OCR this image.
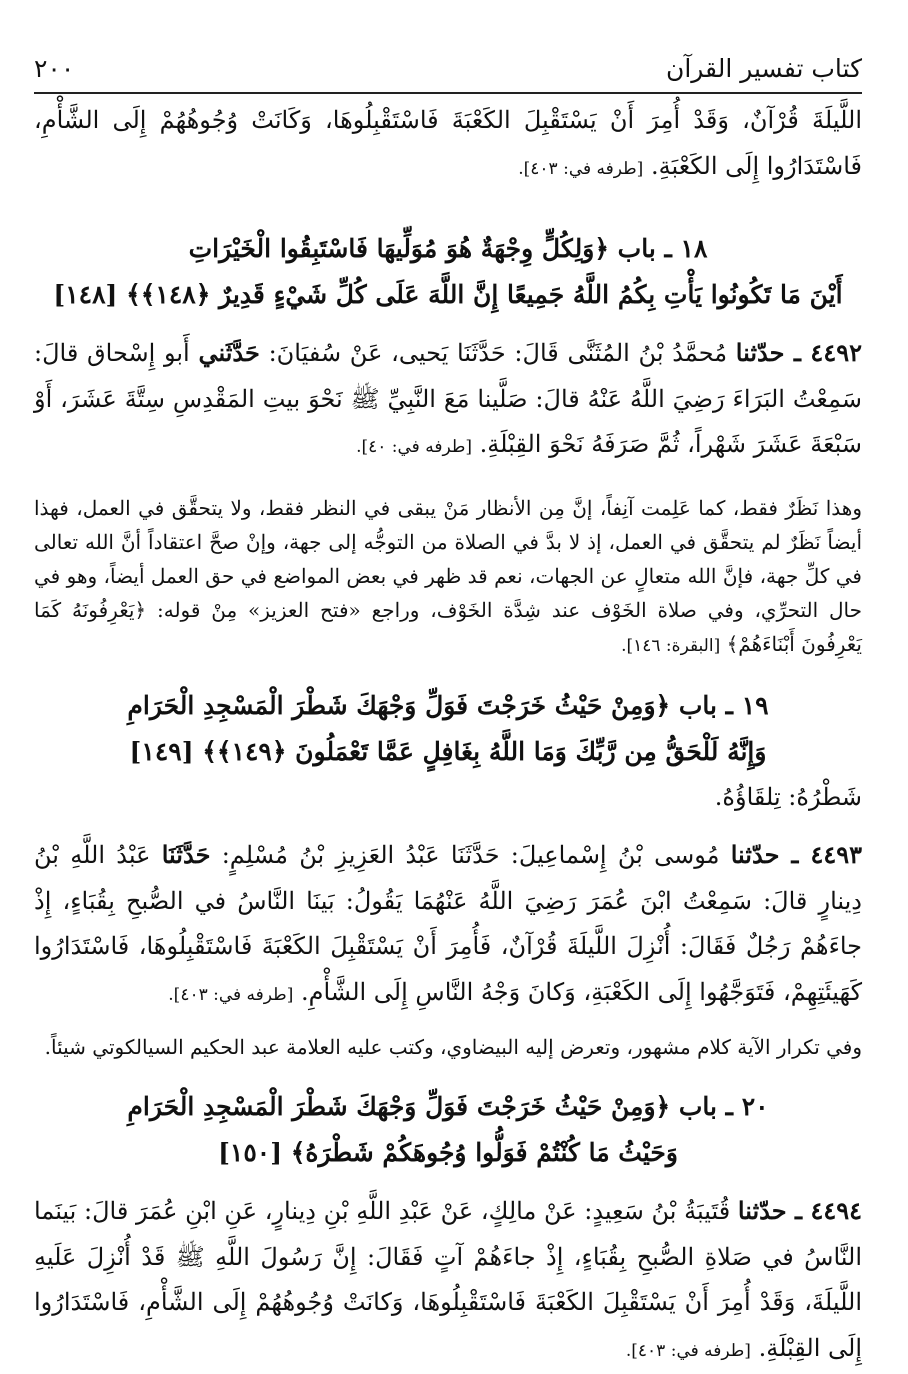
٢٠٠	كتاب تفسير القرآن

اللَّيلَةَ قُرْآنٌ، وَقَدْ أُمِرَ أَنْ يَسْتَقْبِلَ الكَعْبَةَ فَاسْتَقْبِلُوهَا، وَكَانَتْ وُجُوهُهُمْ إِلَى الشَّأْمِ، فَاسْتَدَارُوا إِلَى الكَعْبَةِ. [طرفه في: ٤٠٣].

١٨ ـ باب ﴿وَلِكُلٍّ وِجْهَةٌ هُوَ مُوَلِّيهَا فَاسْتَبِقُوا الْخَيْرَاتِ
أَيْنَ مَا تَكُونُوا يَأْتِ بِكُمُ اللَّهُ جَمِيعًا إِنَّ اللَّهَ عَلَى كُلِّ شَيْءٍ قَدِيرٌ ﴿١٤٨﴾﴾ [١٤٨]

٤٤٩٢ ـ حدّثنا مُحمَّدُ بْنُ المُثَنَّى قَالَ: حَدَّثَنَا يَحيى، عَنْ سُفيَانَ: حَدَّثَني أَبو إِسْحاق قالَ: سَمِعْتُ البَرَاءَ رَضِيَ اللَّهُ عَنْهُ قالَ: صَلَّينا مَعَ النَّبِيِّ ﷺ نَحْوَ بيتِ المَقْدِسِ سِتَّةَ عَشَرَ، أَوْ سَبْعَةَ عَشَرَ شَهْراً، ثُمَّ صَرَفَهُ نَحْوَ القِبْلَةِ. [طرفه في: ٤٠].

وهذا نَظَرٌ فقط، كما عَلِمت آنِفاً، إنَّ مِن الأنظار مَنْ يبقى في النظر فقط، ولا يتحقَّق في العمل، فهذا أيضاً نَظَرٌ لم يتحقَّق في العمل، إذ لا بدَّ في الصلاة من التوجُّه إلى جهة، وإنْ صحَّ اعتقاداً أنَّ الله تعالى في كلِّ جهة، فإنَّ الله متعالٍ عن الجهات، نعم قد ظهر في بعض المواضع في حق العمل أيضاً، وهو في حال التحرِّي، وفي صلاة الخَوْف عند شِدَّة الخَوْف، وراجع «فتح العزيز» مِنْ قوله: ﴿يَعْرِفُونَهُ كَمَا يَعْرِفُونَ أَبْنَاءَهُمْ﴾ [البقرة: ١٤٦].

١٩ ـ باب ﴿وَمِنْ حَيْثُ خَرَجْتَ فَوَلِّ وَجْهَكَ شَطْرَ الْمَسْجِدِ الْحَرَامِ
وَإِنَّهُ لَلْحَقُّ مِن رَّبِّكَ وَمَا اللَّهُ بِغَافِلٍ عَمَّا تَعْمَلُونَ ﴿١٤٩﴾﴾ [١٤٩]

شَطْرُهُ: تِلقَاؤُهُ.

٤٤٩٣ ـ حدّثنا مُوسى بْنُ إِسْماعِيلَ: حَدَّثَنَا عَبْدُ العَزِيزِ بْنُ مُسْلِمٍ: حَدَّثَنَا عَبْدُ اللَّهِ بْنُ دِينارٍ قالَ: سَمِعْتُ ابْنَ عُمَرَ رَضِيَ اللَّهُ عَنْهُمَا يَقُولُ: بَينَا النَّاسُ في الصُّبحِ بِقُبَاءٍ، إِذْ جاءَهُمْ رَجُلٌ فَقَالَ: أُنْزِلَ اللَّيلَةَ قُرْآنٌ، فَأُمِرَ أَنْ يَسْتَقْبِلَ الكَعْبَةَ فَاسْتَقْبِلُوهَا، فَاسْتَدَارُوا كَهَيئَتِهِمْ، فَتَوَجَّهُوا إِلَى الكَعْبَةِ، وَكانَ وَجْهُ النَّاسِ إِلَى الشَّأْمِ. [طرفه في: ٤٠٣].

وفي تكرار الآية كلام مشهور، وتعرض إليه البيضاوي، وكتب عليه العلامة عبد الحكيم السيالكوتي شيئاً.

٢٠ ـ باب ﴿وَمِنْ حَيْثُ خَرَجْتَ فَوَلِّ وَجْهَكَ شَطْرَ الْمَسْجِدِ الْحَرَامِ
وَحَيْثُ مَا كُنْتُمْ فَوَلُّوا وُجُوهَكُمْ شَطْرَهُ﴾ [١٥٠]

٤٤٩٤ ـ حدّثنا قُتَيبَةُ بْنُ سَعِيدٍ: عَنْ مالِكٍ، عَنْ عَبْدِ اللَّهِ بْنِ دِينارٍ، عَنِ ابْنِ عُمَرَ قالَ: بَينَما النَّاسُ في صَلاةِ الصُّبحِ بِقُبَاءٍ، إِذْ جاءَهُمْ آتٍ فَقَالَ: إِنَّ رَسُولَ اللَّهِ ﷺ قَدْ أُنْزِلَ عَلَيهِ اللَّيلَةَ، وَقَدْ أُمِرَ أَنْ يَسْتَقْبِلَ الكَعْبَةَ فَاسْتَقْبِلُوهَا، وَكانَتْ وُجُوهُهُمْ إِلَى الشَّأْمِ، فَاسْتَدَارُوا إِلَى القِبْلَةِ. [طرفه في: ٤٠٣].
